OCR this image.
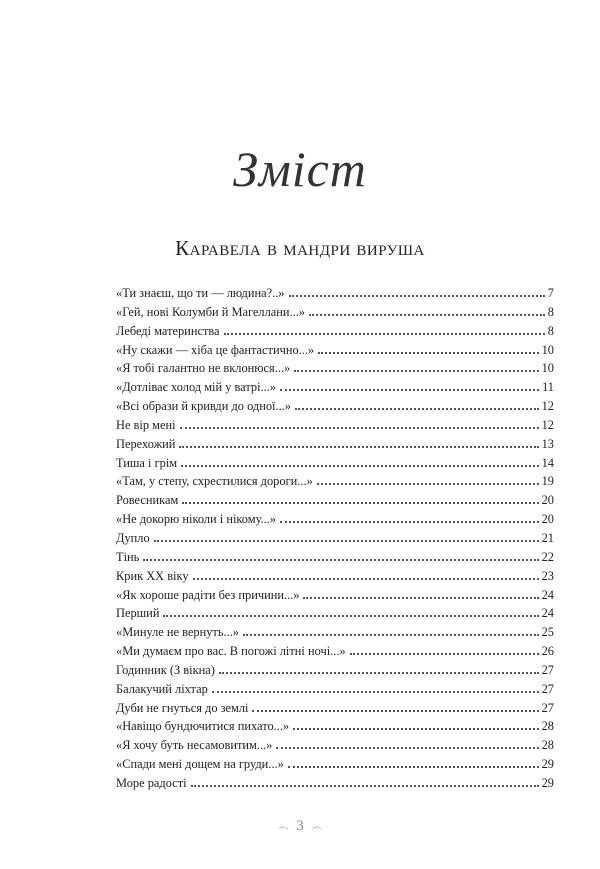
Зміст
Каравела в мандри вируша
«Ти знаєш, що ти — людина?..»	7
«Гей, нові Колумби й Магеллани...»	8
Лебеді материнства	8
«Ну скажи — хіба це фантастично...»	10
«Я тобі галантно не вклонюся...»	10
«Дотліває холод мій у ватрі...»	11
«Всі образи й кривди до одної...»	12
Не вір мені	12
Перехожий	13
Тиша і грім	14
«Там, у степу, схрестилися дороги...»	19
Ровесникам	20
«Не докорю ніколи і нікому...»	20
Дупло	21
Тінь	22
Крик XX віку	23
«Як хороше радіти без причини...»	24
Перший	24
«Минуле не вернуть...»	25
«Ми думаєм про вас. В погожі літні ночі...»	26
Годинник (З вікна)	27
Балакучий ліхтар	27
Дуби не гнуться до землі	27
«Навіщо бундючитися пихато...»	28
«Я хочу буть несамовитим...»	28
«Спади мені дощем на груди...»	29
Море радості	29
෴ 3 ෴
